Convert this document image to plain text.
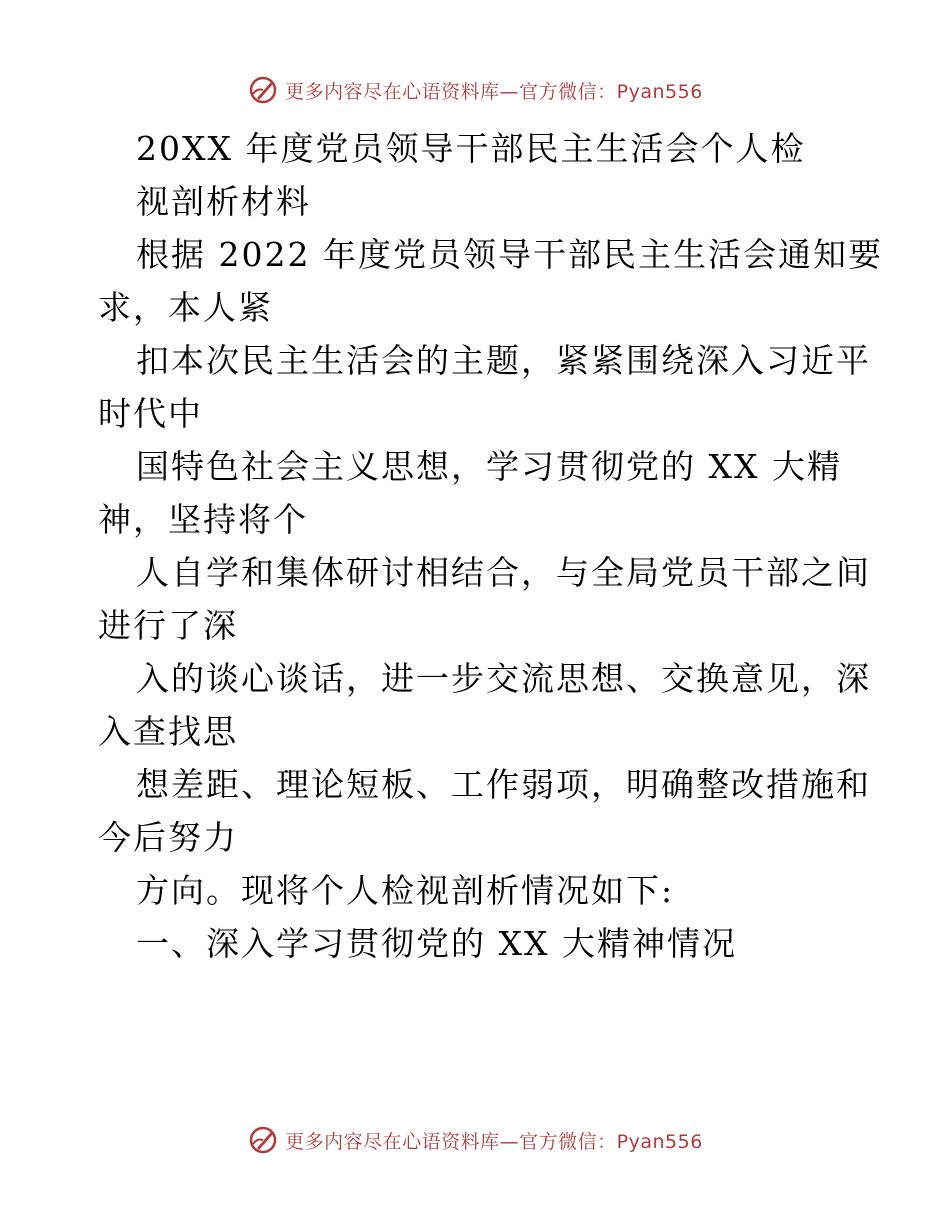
更多内容尽在心语资料库—官方微信：Pyan556
20XX 年度党员领导干部民主生活会个人检
视剖析材料
根据 2022 年度党员领导干部民主生活会通知要
求，本人紧
扣本次民主生活会的主题，紧紧围绕深入习近平
时代中
国特色社会主义思想，学习贯彻党的 XX 大精
神，坚持将个
人自学和集体研讨相结合，与全局党员干部之间
进行了深
入的谈心谈话，进一步交流思想、交换意见，深
入查找思
想差距、理论短板、工作弱项，明确整改措施和
今后努力
方向。现将个人检视剖析情况如下:
一、深入学习贯彻党的 XX 大精神情况
更多内容尽在心语资料库—官方微信：Pyan556
